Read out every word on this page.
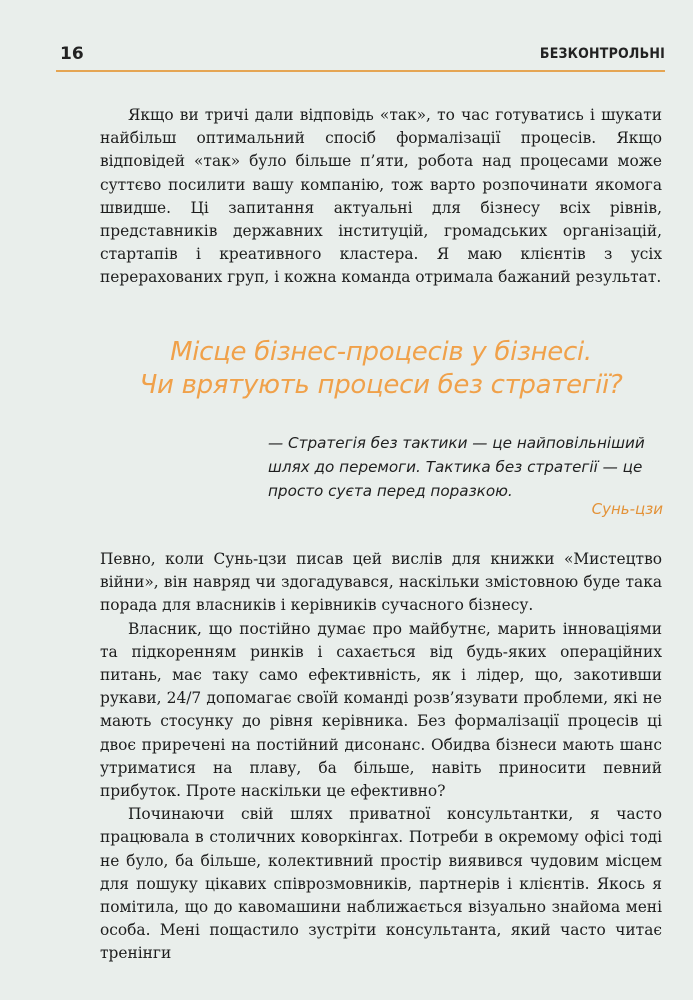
16	БЕЗКОНТРОЛЬНІ

Якщо ви тричі дали відповідь «так», то час готуватись і шукати найбільш оптимальний спосіб формалізації процесів. Якщо відповідей «так» було більше п’яти, робота над процесами може суттєво посилити вашу компанію, тож варто розпочинати якомога швидше. Ці запитання актуальні для бізнесу всіх рівнів, представників державних інституцій, громадських організацій, стартапів і креативного кластера. Я маю клієнтів з усіх перерахованих груп, і кожна команда отримала бажаний результат.

Місце бізнес-процесів у бізнесі.
Чи врятують процеси без стратегії?
— Стратегія без тактики — це найповільніший шлях до перемоги. Тактика без стратегії — це просто суєта перед поразкою.
Сунь-цзи

Певно, коли Сунь-цзи писав цей вислів для книжки «Мистецтво війни», він навряд чи здогадувався, наскільки змістовною буде така порада для власників і керівників сучасного бізнесу.

Власник, що постійно думає про майбутнє, марить інноваціями та підкоренням ринків і сахається від будь-яких операційних питань, має таку само ефективність, як і лідер, що, закотивши рукави, 24/7 допомагає своїй команді розв’язувати проблеми, які не мають стосунку до рівня керівника. Без формалізації процесів ці двоє приречені на постійний дисонанс. Обидва бізнеси мають шанс утриматися на плаву, ба більше, навіть приносити певний прибуток. Проте наскільки це ефективно?

Починаючи свій шлях приватної консультантки, я часто працювала в столичних коворкінгах. Потреби в окремому офісі тоді не було, ба більше, колективний простір виявився чудовим місцем для пошуку цікавих співрозмовників, партнерів і клієнтів. Якось я помітила, що до кавомашини наближається візуально знайома мені особа. Мені пощастило зустріти консультанта, який часто читає тренінги
